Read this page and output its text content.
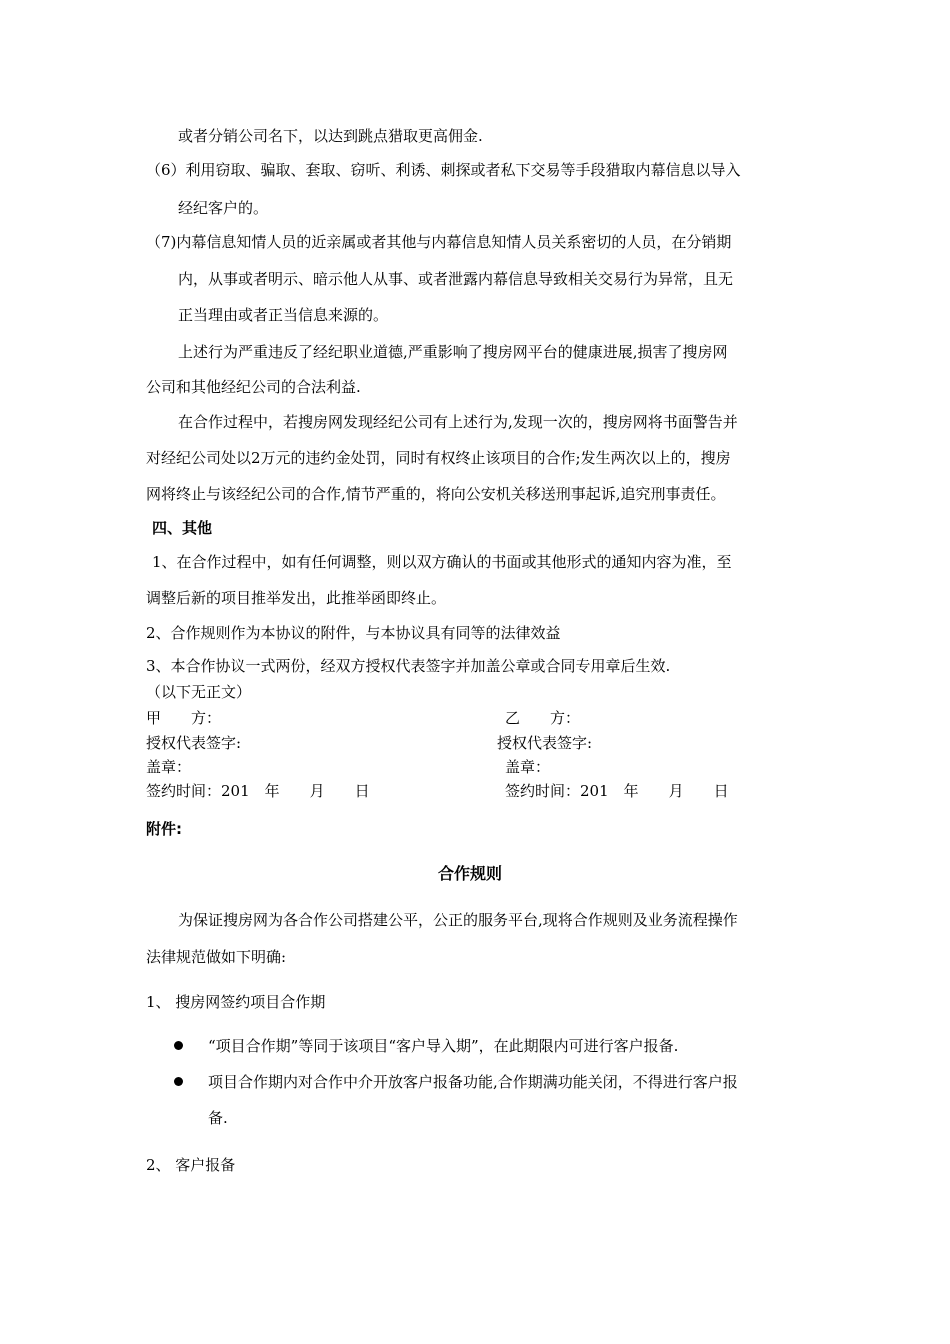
或者分销公司名下，以达到跳点猎取更高佣金.

（6）利用窃取、骗取、套取、窃听、利诱、刺探或者私下交易等手段猎取内幕信息以导入

经纪客户的。

（7)内幕信息知情人员的近亲属或者其他与内幕信息知情人员关系密切的人员，在分销期

内，从事或者明示、暗示他人从事、或者泄露内幕信息导致相关交易行为异常，且无

正当理由或者正当信息来源的。

上述行为严重违反了经纪职业道德,严重影响了搜房网平台的健康进展,损害了搜房网

公司和其他经纪公司的合法利益.

在合作过程中，若搜房网发现经纪公司有上述行为,发现一次的，搜房网将书面警告并

对经纪公司处以2万元的违约金处罚，同时有权终止该项目的合作;发生两次以上的，搜房

网将终止与该经纪公司的合作,情节严重的，将向公安机关移送刑事起诉,追究刑事责任。

四、其他

1、在合作过程中，如有任何调整，则以双方确认的书面或其他形式的通知内容为准，至

调整后新的项目推举发出，此推举函即终止。

2、合作规则作为本协议的附件，与本协议具有同等的法律效益

3、本合作协议一式两份，经双方授权代表签字并加盖公章或合同专用章后生效.

（以下无正文）

甲　　方：	乙　　方：

授权代表签字:	授权代表签字:

盖章：	盖章：

签约时间：201　年　　月　　日	签约时间：201　年　　月　　日

附件:

合作规则

为保证搜房网为各合作公司搭建公平，公正的服务平台,现将合作规则及业务流程操作

法律规范做如下明确:

1、 搜房网签约项目合作期

“项目合作期”等同于该项目“客户导入期”，在此期限内可进行客户报备.

项目合作期内对合作中介开放客户报备功能,合作期满功能关闭，不得进行客户报

备.

2、 客户报备
